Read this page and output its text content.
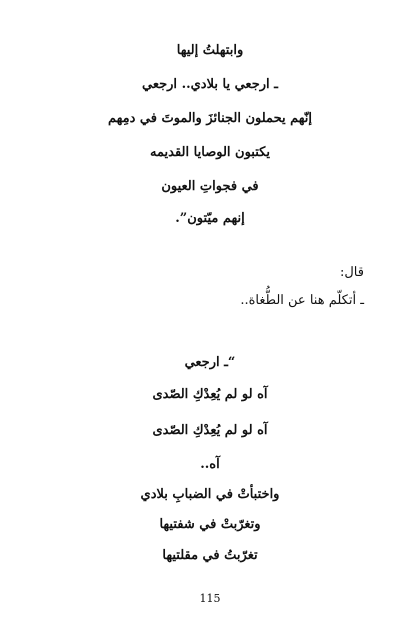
وابتهلتُ إليها
ـ ارجعي يا بلادي.. ارجعي
إنّهم يحملون الجنائزَ والموتَ في دمِهم
يكتبون الوصايا القديمه
في فجواتِ العيون
إنهم ميّتون”.
قال:
ـ أتكلّم هنا عن الطُّغاة..
“ـ ارجعي
آه لو لم يُعِدْكِ الصّدى
آه لو لم يُعِدْكِ الصّدى
آه..
واختبأتْ في الضبابِ بلادي
وتغرّبتْ في شفتيها
تغرّبتُ في مقلتيها
115
